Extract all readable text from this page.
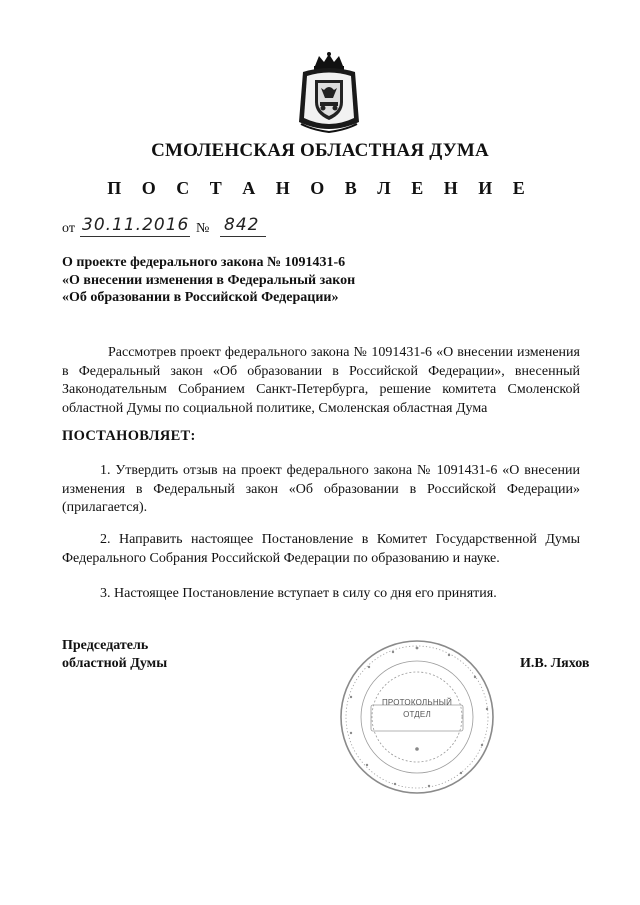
СМОЛЕНСКАЯ ОБЛАСТНАЯ ДУМА
П О С Т А Н О В Л Е Н И Е
от 30.11.2016 № 842
О проекте федерального закона № 1091431-6
«О внесении изменения в Федеральный закон
«Об образовании в Российской Федерации»
Рассмотрев проект федерального закона № 1091431-6 «О внесении изменения в Федеральный закон «Об образовании в Российской Федерации», внесенный Законодательным Собранием Санкт-Петербурга, решение комитета Смоленской областной Думы по социальной политике, Смоленская областная Дума
ПОСТАНОВЛЯЕТ:
1. Утвердить отзыв на проект федерального закона № 1091431-6 «О внесении изменения в Федеральный закон «Об образовании в Российской Федерации» (прилагается).
2. Направить настоящее Постановление в Комитет Государственной Думы Федерального Собрания Российской Федерации по образованию и науке.
3. Настоящее Постановление вступает в силу со дня его принятия.
Председатель
областной Думы
ПРОТОКОЛЬНЫЙ
ОТДЕЛ
И.В. Ляхов
